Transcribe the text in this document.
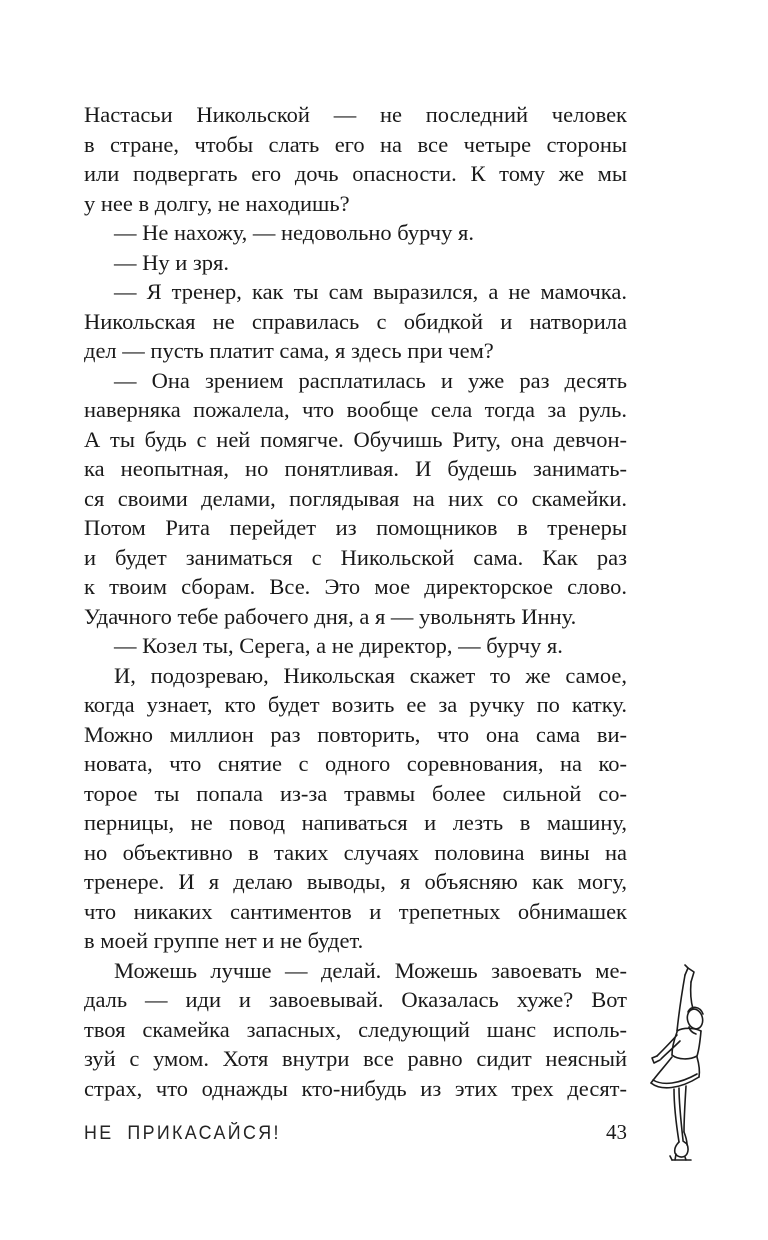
Настасьи Никольской — не последний человек
в стране, чтобы слать его на все четыре стороны
или подвергать его дочь опасности. К тому же мы
у нее в долгу, не находишь?
— Не нахожу, — недовольно бурчу я.
— Ну и зря.
— Я тренер, как ты сам выразился, а не мамочка.
Никольская не справилась с обидкой и натворила
дел — пусть платит сама, я здесь при чем?
— Она зрением расплатилась и уже раз десять
наверняка пожалела, что вообще села тогда за руль.
А ты будь с ней помягче. Обучишь Риту, она девчон-
ка неопытная, но понятливая. И будешь занимать-
ся своими делами, поглядывая на них со скамейки.
Потом Рита перейдет из помощников в тренеры
и будет заниматься с Никольской сама. Как раз
к твоим сборам. Все. Это мое директорское слово.
Удачного тебе рабочего дня, а я — увольнять Инну.
— Козел ты, Серега, а не директор, — бурчу я.
И, подозреваю, Никольская скажет то же самое,
когда узнает, кто будет возить ее за ручку по катку.
Можно миллион раз повторить, что она сама ви-
новата, что снятие с одного соревнования, на ко-
торое ты попала из-за травмы более сильной со-
перницы, не повод напиваться и лезть в машину,
но объективно в таких случаях половина вины на
тренере. И я делаю выводы, я объясняю как могу,
что никаких сантиментов и трепетных обнимашек
в моей группе нет и не будет.
Можешь лучше — делай. Можешь завоевать ме-
даль — иди и завоевывай. Оказалась хуже? Вот
твоя скамейка запасных, следующий шанс исполь-
зуй с умом. Хотя внутри все равно сидит неясный
страх, что однажды кто-нибудь из этих трех десят-
НЕ ПРИКАСАЙСЯ!	43
